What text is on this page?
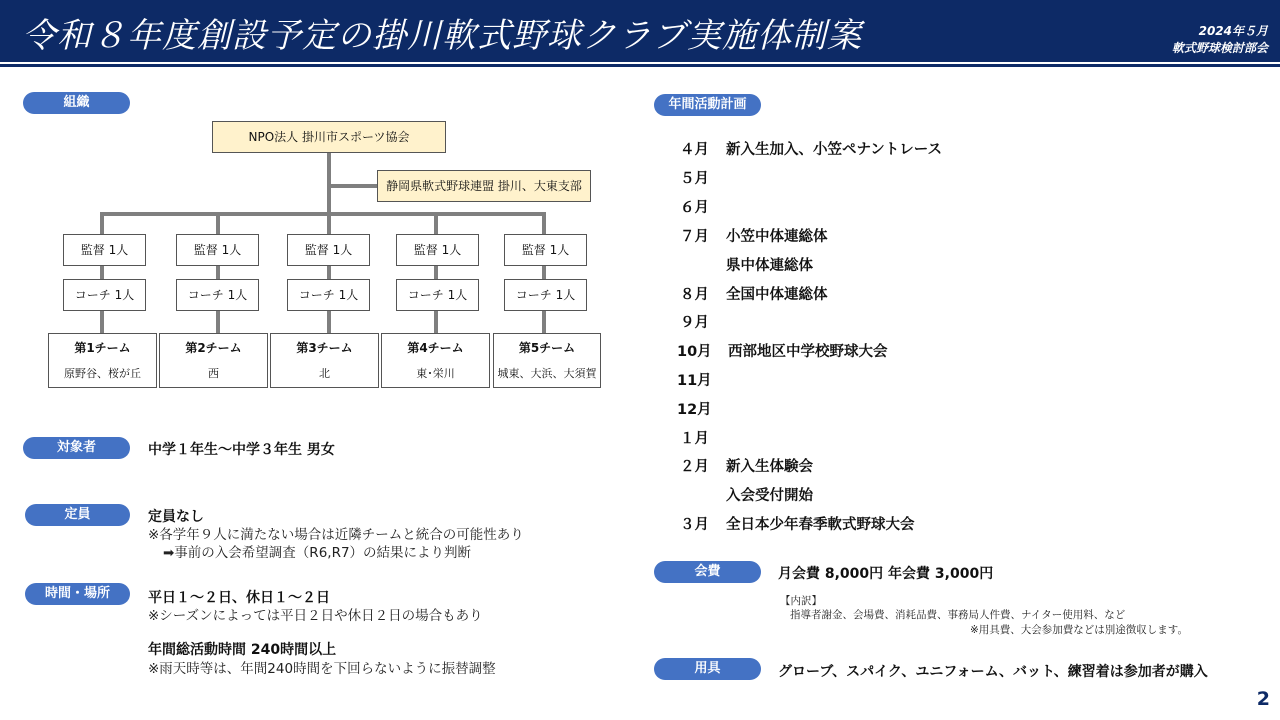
令和８年度創設予定の掛川軟式野球クラブ実施体制案	2024年５月
軟式野球検討部会
組織
NPO法人 掛川市スポーツ協会
静岡県軟式野球連盟 掛川、大東支部
監督 1人
コーチ 1人
第1チーム
原野谷、桜が丘
監督 1人
コーチ 1人
第2チーム
西
監督 1人
コーチ 1人
第3チーム
北
監督 1人
コーチ 1人
第4チーム
東･栄川
監督 1人
コーチ 1人
第5チーム
城東、大浜、大須賀
対象者	中学１年生～中学３年生 男女
定員	定員なし
※各学年９人に満たない場合は近隣チームと統合の可能性あり
➡事前の入会希望調査（R6,R7）の結果により判断
時間・場所	平日１～２日、休日１～２日
※シーズンによっては平日２日や休日２日の場合もあり
年間総活動時間 240時間以上
※雨天時等は、年間240時間を下回らないように振替調整
年間活動計画
４月 新入生加入、小笠ペナントレース
５月
６月
７月 小笠中体連総体
県中体連総体
８月 全国中体連総体
９月
10月 西部地区中学校野球大会
11月
12月
１月
２月 新入生体験会
入会受付開始
３月 全日本少年春季軟式野球大会
会費	月会費 8,000円 年会費 3,000円
【内訳】
指導者謝金、会場費、消耗品費、事務局人件費、ナイター使用料、など
※用具費、大会参加費などは別途徴収します。
用具	グローブ、スパイク、ユニフォーム、バット、練習着は参加者が購入
2
